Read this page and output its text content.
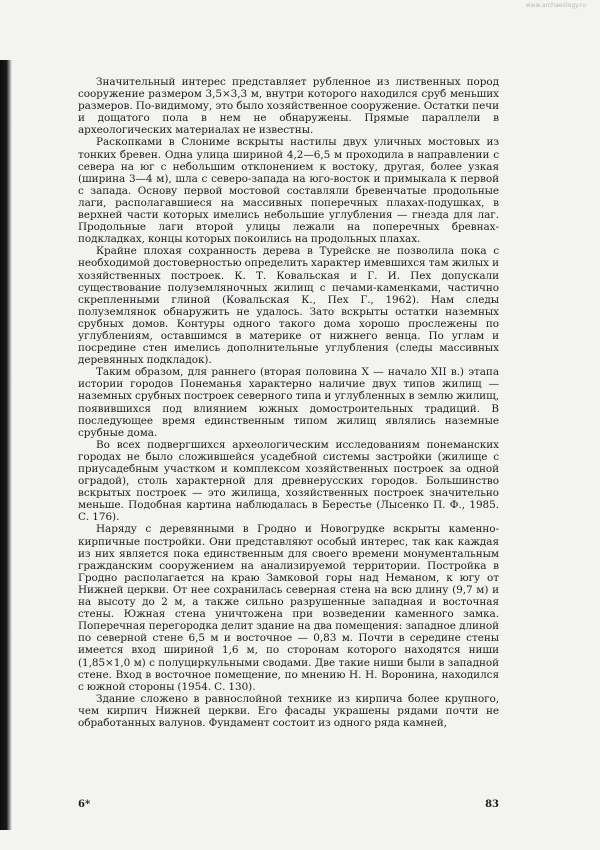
www.archaeology.ru

Значительный интерес представляет рубленное из лиственных пород сооружение размером 3,5×3,3 м, внутри которого находился сруб меньших размеров. По-видимому, это было хозяйственное сооружение. Остатки печи и дощатого пола в нем не обнаружены. Прямые параллели в археологических материалах не известны.

Раскопками в Слониме вскрыты настилы двух уличных мостовых из тонких бревен. Одна улица шириной 4,2—6,5 м проходила в направлении с севера на юг с небольшим отклонением к востоку, другая, более узкая (ширина 3—4 м), шла с северо-запада на юго-восток и примыкала к первой с запада. Основу первой мостовой составляли бревенчатые продольные лаги, располагавшиеся на массивных поперечных плахах-подушках, в верхней части которых имелись небольшие углубления — гнезда для лаг. Продольные лаги второй улицы лежали на поперечных бревнах-подкладках, концы которых покоились на продольных плахах.

Крайне плохая сохранность дерева в Турейске не позволила пока с необходимой достоверностью определить характер имевшихся там жилых и хозяйственных построек. К. Т. Ковальская и Г. И. Пех допускали существование полуземляночных жилищ с печами-каменками, частично скрепленными глиной (Ковальская К., Пех Г., 1962). Нам следы полуземлянок обнаружить не удалось. Зато вскрыты остатки наземных срубных домов. Контуры одного такого дома хорошо прослежены по углублениям, оставшимся в материке от нижнего венца. По углам и посредине стен имелись дополнительные углубления (следы массивных деревянных подкладок).

Таким образом, для раннего (вторая половина X — начало XII в.) этапа истории городов Понеманья характерно наличие двух типов жилищ — наземных срубных построек северного типа и углубленных в землю жилищ, появившихся под влиянием южных домостроительных традиций. В последующее время единственным типом жилищ являлись наземные срубные дома.

Во всех подвергшихся археологическим исследованиям понеманских городах не было сложившейся усадебной системы застройки (жилище с приусадебным участком и комплексом хозяйственных построек за одной оградой), столь характерной для древнерусских городов. Большинство вскрытых построек — это жилища, хозяйственных построек значительно меньше. Подобная картина наблюдалась в Берестье (Лысенко П. Ф., 1985. С. 176).

Наряду с деревянными в Гродно и Новогрудке вскрыты каменно-кирпичные постройки. Они представляют особый интерес, так как каждая из них является пока единственным для своего времени монументальным гражданским сооружением на анализируемой территории. Постройка в Гродно располагается на краю Замковой горы над Неманом, к югу от Нижней церкви. От нее сохранилась северная стена на всю длину (9,7 м) и на высоту до 2 м, а также сильно разрушенные западная и восточная стены. Южная стена уничтожена при возведении каменного замка. Поперечная перегородка делит здание на два помещения: западное длиной по северной стене 6,5 м и восточное — 0,83 м. Почти в середине стены имеется вход шириной 1,6 м, по сторонам которого находятся ниши (1,85×1,0 м) с полуциркульными сводами. Две такие ниши были в западной стене. Вход в восточное помещение, по мнению Н. Н. Воронина, находился с южной стороны (1954. С. 130).

Здание сложено в равнослойной технике из кирпича более крупного, чем кирпич Нижней церкви. Его фасады украшены рядами почти не обработанных валунов. Фундамент состоит из одного ряда камней,

6*	83
